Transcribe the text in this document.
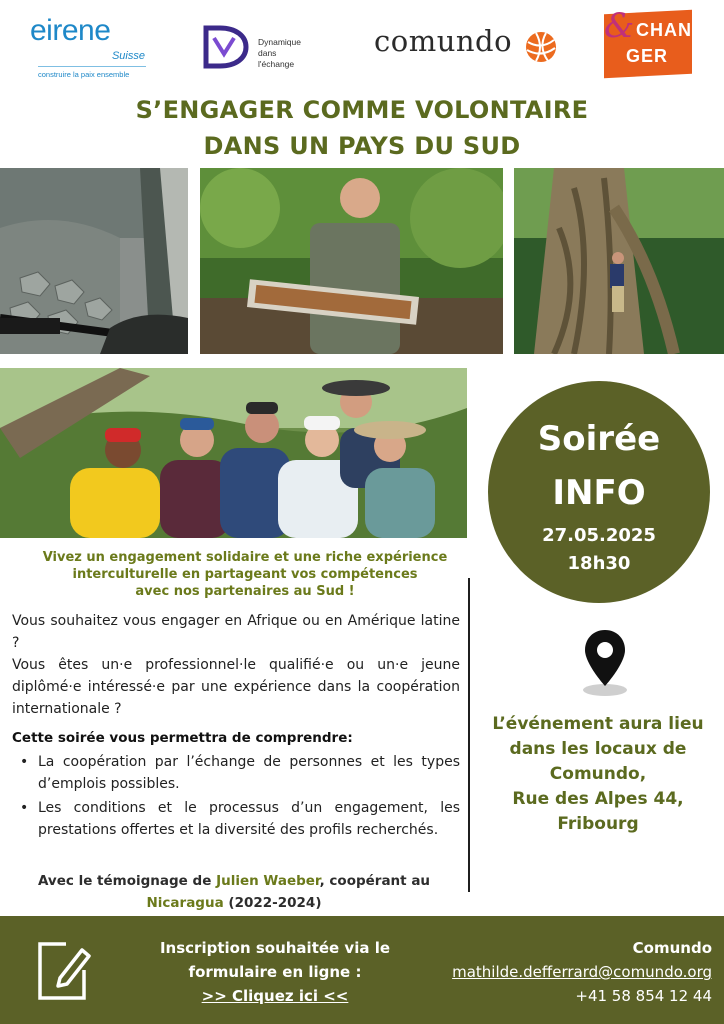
eirene
Suisse
construire la paix ensemble
Dynamique
dans
l'échange
comundo	& CHAN
GER
S’ENGAGER COMME VOLONTAIRE
DANS UN PAYS DU SUD
Soirée
INFO
27.05.2025
18h30
L’événement aura lieu
dans les locaux de
Comundo,
Rue des Alpes 44,
Fribourg
Vivez un engagement solidaire et une riche expérience
interculturelle en partageant vos compétences
avec nos partenaires au Sud !
Vous souhaitez vous engager en Afrique ou en Amérique latine ?
Vous êtes un·e professionnel·le qualifié·e ou un·e jeune diplômé·e intéressé·e par une expérience dans la coopération internationale ?
Cette soirée vous permettra de comprendre:
• La coopération par l’échange de personnes et les types d’emplois possibles.
• Les conditions et le processus d’un engagement, les prestations offertes et la diversité des profils recherchés.
Avec le témoignage de Julien Waeber, coopérant au
Nicaragua (2022-2024)
Inscription souhaitée via le
formulaire en ligne :
>> Cliquez ici <<
Comundo
mathilde.defferrard@comundo.org
+41 58 854 12 44
